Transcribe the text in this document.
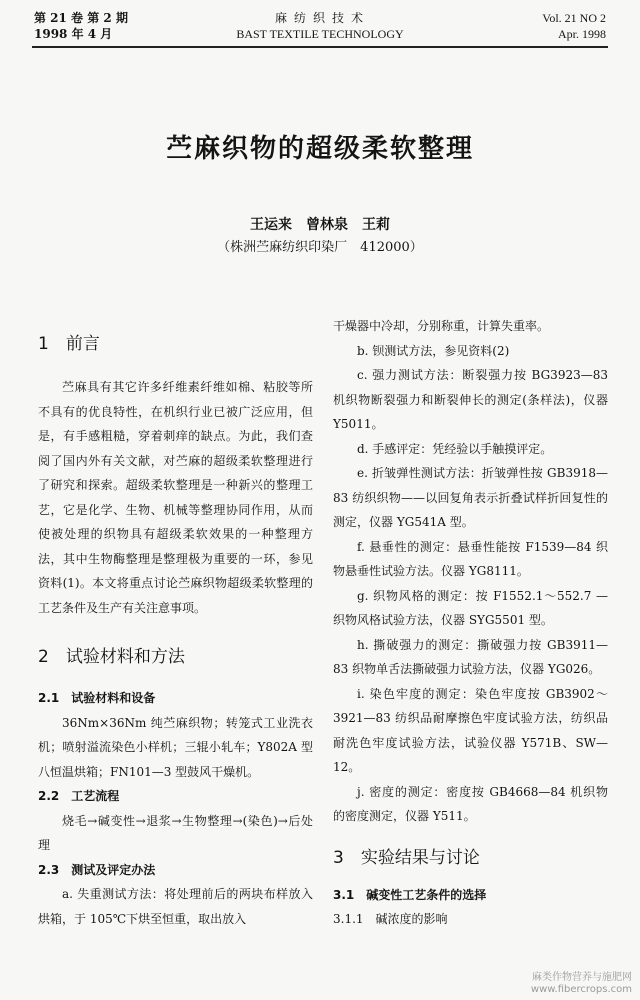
第 21 卷 第 2 期
1998 年 4 月
麻 纺 织 技 术
BAST TEXTILE TECHNOLOGY
Vol. 21 NO 2
Apr. 1998
苎麻织物的超级柔软整理
王运来　曾林泉　王莉
（株洲苎麻纺织印染厂　412000）
1　前言

苎麻具有其它许多纤维素纤维如棉、粘胶等所不具有的优良特性，在机织行业已被广泛应用，但是，有手感粗糙，穿着刺痒的缺点。为此，我们查阅了国内外有关文献，对苎麻的超级柔软整理进行了研究和探索。超级柔软整理是一种新兴的整理工艺，它是化学、生物、机械等整理协同作用，从而使被处理的织物具有超级柔软效果的一种整理方法，其中生物酶整理是整理极为重要的一环，参见资料(1)。本文将重点讨论苎麻织物超级柔软整理的工艺条件及生产有关注意事项。

2　试验材料和方法
2.1　试验材料和设备

36Nm×36Nm 纯苎麻织物；转笼式工业洗衣机；喷射溢流染色小样机；三辊小轧车；Y802A 型八恒温烘箱；FN101—3 型鼓风干燥机。

2.2　工艺流程

烧毛→碱变性→退浆→生物整理→(染色)→后处理

2.3　测试及评定办法

a. 失重测试方法：将处理前后的两块布样放入烘箱，于 105℃下烘至恒重，取出放入

干燥器中冷却，分别称重，计算失重率。

b. 钡测试方法，参见资料(2)

c. 强力测试方法：断裂强力按 BG3923—83 机织物断裂强力和断裂伸长的测定(条样法)，仪器 Y5011。

d. 手感评定：凭经验以手触摸评定。

e. 折皱弹性测试方法：折皱弹性按 GB3918—83 纺织织物——以回复角表示折叠试样折回复性的测定，仪器 YG541A 型。

f. 悬垂性的测定：悬垂性能按 F1539—84 织物悬垂性试验方法。仪器 YG8111。

g. 织物风格的测定：按 F1552.1～552.7 —织物风格试验方法，仪器 SYG5501 型。

h. 撕破强力的测定：撕破强力按 GB3911—83 织物单舌法撕破强力试验方法，仪器 YG026。

i. 染色牢度的测定：染色牢度按 GB3902～3921—83 纺织品耐摩擦色牢度试验方法，纺织品耐洗色牢度试验方法，试验仪器 Y571B、SW—12。

j. 密度的测定：密度按 GB4668—84 机织物的密度测定，仪器 Y511。

3　实验结果与讨论
3.1　碱变性工艺条件的选择
3.1.1　碱浓度的影响
麻类作物营养与施肥网
www.fibercrops.com
